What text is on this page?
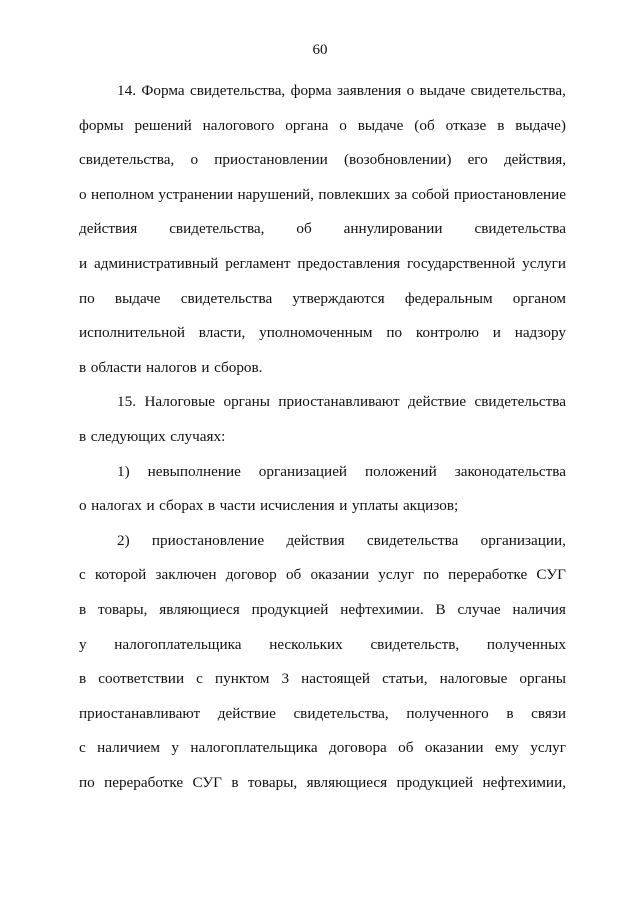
60
14. Форма свидетельства, форма заявления о выдаче свидетельства,
формы решений налогового органа о выдаче (об отказе в выдаче)
свидетельства, о приостановлении (возобновлении) его действия,
о неполном устранении нарушений, повлекших за собой приостановление
действия свидетельства, об аннулировании свидетельства
и административный регламент предоставления государственной услуги
по выдаче свидетельства утверждаются федеральным органом
исполнительной власти, уполномоченным по контролю и надзору
в области налогов и сборов.
15. Налоговые органы приостанавливают действие свидетельства
в следующих случаях:
1) невыполнение организацией положений законодательства
о налогах и сборах в части исчисления и уплаты акцизов;
2) приостановление действия свидетельства организации,
с которой заключен договор об оказании услуг по переработке СУГ
в товары, являющиеся продукцией нефтехимии. В случае наличия
у налогоплательщика нескольких свидетельств, полученных
в соответствии с пунктом 3 настоящей статьи, налоговые органы
приостанавливают действие свидетельства, полученного в связи
с наличием у налогоплательщика договора об оказании ему услуг
по переработке СУГ в товары, являющиеся продукцией нефтехимии,
